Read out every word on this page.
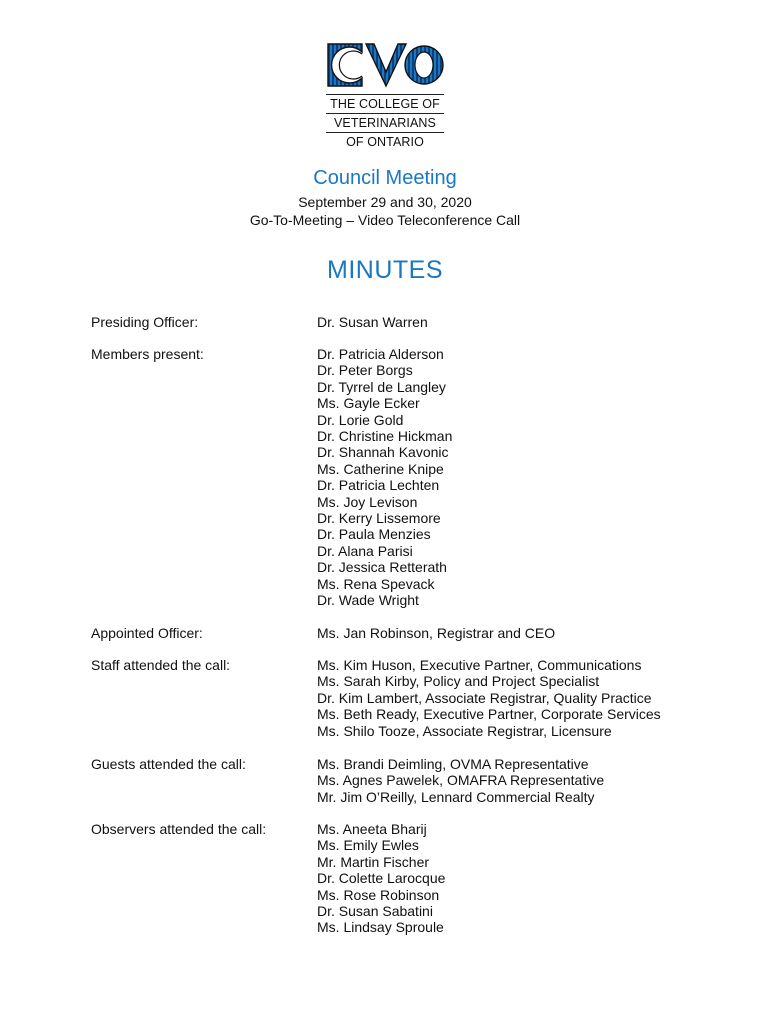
THE COLLEGE OF
VETERINARIANS
OF ONTARIO
Council Meeting
September 29 and 30, 2020
Go-To-Meeting – Video Teleconference Call
MINUTES
Presiding Officer:	Dr. Susan Warren
Members present:	Dr. Patricia Alderson
Dr. Peter Borgs
Dr. Tyrrel de Langley
Ms. Gayle Ecker
Dr. Lorie Gold
Dr. Christine Hickman
Dr. Shannah Kavonic
Ms. Catherine Knipe
Dr. Patricia Lechten
Ms. Joy Levison
Dr. Kerry Lissemore
Dr. Paula Menzies
Dr. Alana Parisi
Dr. Jessica Retterath
Ms. Rena Spevack
Dr. Wade Wright
Appointed Officer:	Ms. Jan Robinson, Registrar and CEO
Staff attended the call:	Ms. Kim Huson, Executive Partner, Communications
Ms. Sarah Kirby, Policy and Project Specialist
Dr. Kim Lambert, Associate Registrar, Quality Practice
Ms. Beth Ready, Executive Partner, Corporate Services
Ms. Shilo Tooze, Associate Registrar, Licensure
Guests attended the call:	Ms. Brandi Deimling, OVMA Representative
Ms. Agnes Pawelek, OMAFRA Representative
Mr. Jim O’Reilly, Lennard Commercial Realty
Observers attended the call:	Ms. Aneeta Bharij
Ms. Emily Ewles
Mr. Martin Fischer
Dr. Colette Larocque
Ms. Rose Robinson
Dr. Susan Sabatini
Ms. Lindsay Sproule
